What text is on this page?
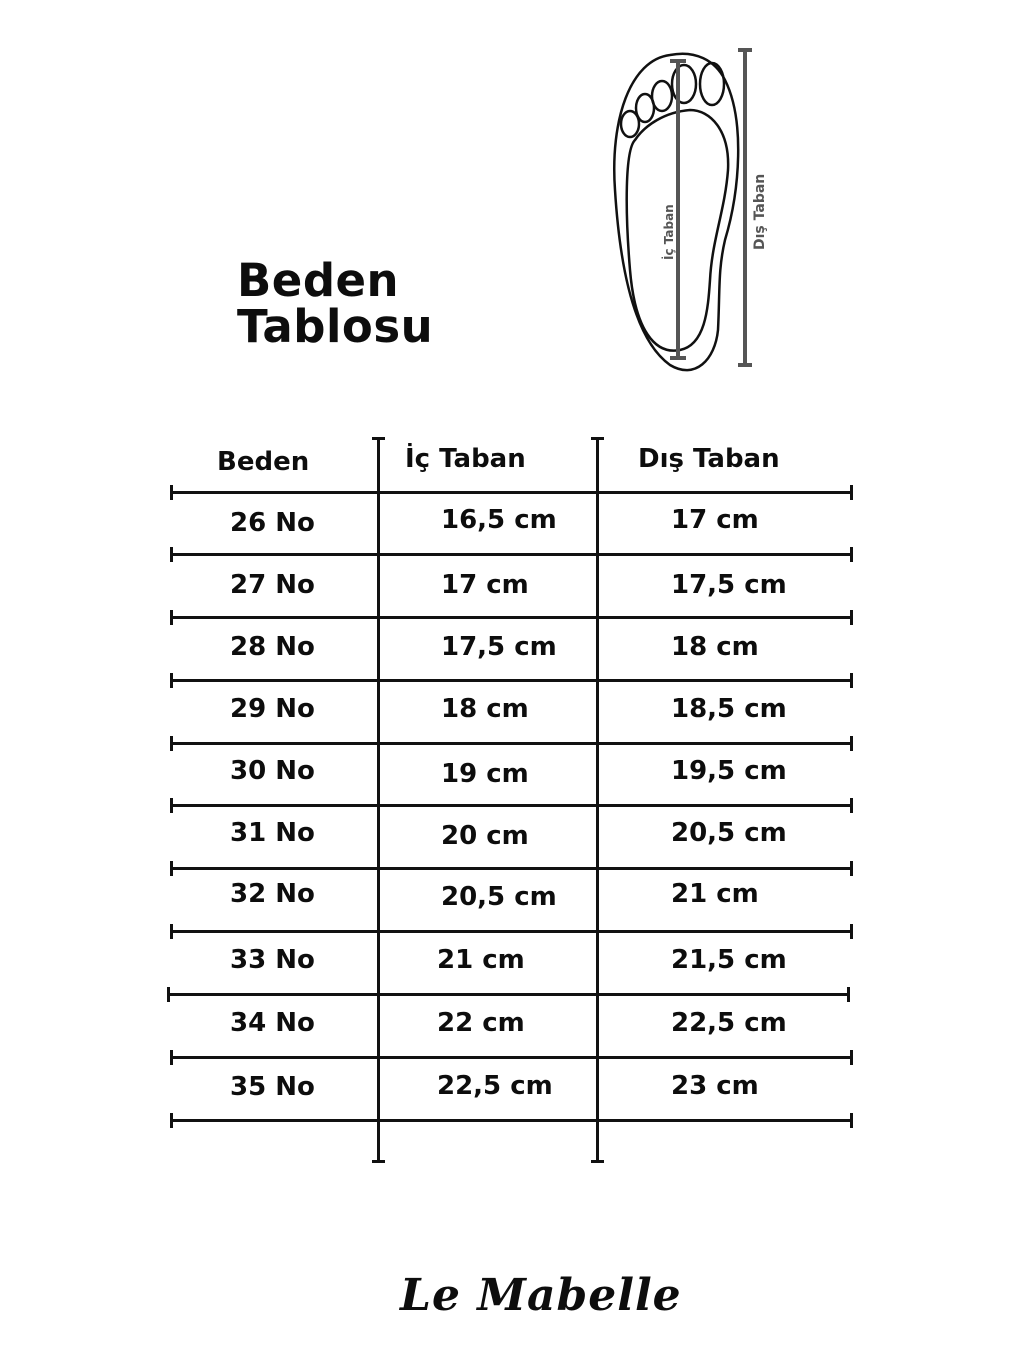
Beden
Tablosu
İç Taban	Dış Taban
Beden	İç Taban	Dış Taban
26 No	16,5 cm	17 cm
27 No	17 cm	17,5 cm
28 No	17,5 cm	18 cm
29 No	18 cm	18,5 cm
30 No	19 cm	19,5 cm
31 No	20 cm	20,5 cm
32 No	20,5 cm	21 cm
33 No	21 cm	21,5 cm
34 No	22 cm	22,5 cm
35 No	22,5 cm	23 cm
Le Mabelle
